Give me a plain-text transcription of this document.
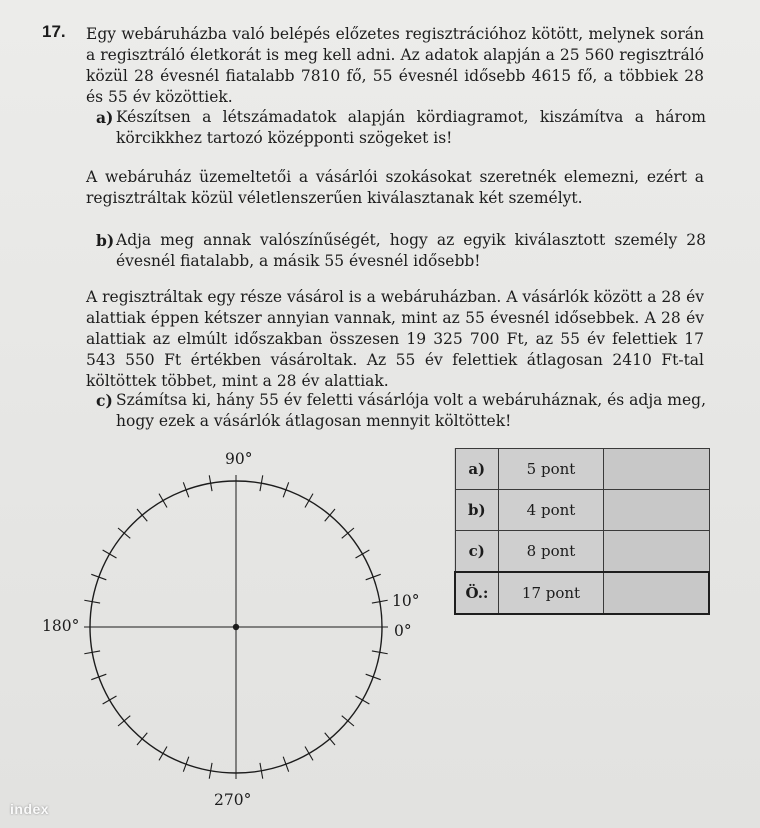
17. Egy webáruházba való belépés előzetes regisztrációhoz kötött, melynek során a regisztráló életkorát is meg kell adni. Az adatok alapján a 25 560 regisztráló közül 28 évesnél fiatalabb 7810 fő, 55 évesnél idősebb 4615 fő, a többiek 28 és 55 év közöttiek.

a) Készítsen a létszámadatok alapján kördiagramot, kiszámítva a három körcikkhez tartozó középponti szögeket is!

A webáruház üzemeltetői a vásárlói szokásokat szeretnék elemezni, ezért a regisztráltak közül véletlenszerűen kiválasztanak két személyt.

b) Adja meg annak valószínűségét, hogy az egyik kiválasztott személy 28 évesnél fiatalabb, a másik 55 évesnél idősebb!

A regisztráltak egy része vásárol is a webáruházban. A vásárlók között a 28 év alattiak éppen kétszer annyian vannak, mint az 55 évesnél idősebbek. A 28 év alattiak az elmúlt időszakban összesen 19 325 700 Ft, az 55 év felettiek 17 543 550 Ft értékben vásároltak. Az 55 év felettiek átlagosan 2410 Ft-tal költöttek többet, mint a 28 év alattiak.

c) Számítsa ki, hány 55 év feletti vásárlója volt a webáruháznak, és adja meg, hogy ezek a vásárlók átlagosan mennyit költöttek!
90°
180°
10°
0°
270°
a)	5 pont	
b)	4 pont	
c)	8 pont	
Ö.:	17 pont	
index
